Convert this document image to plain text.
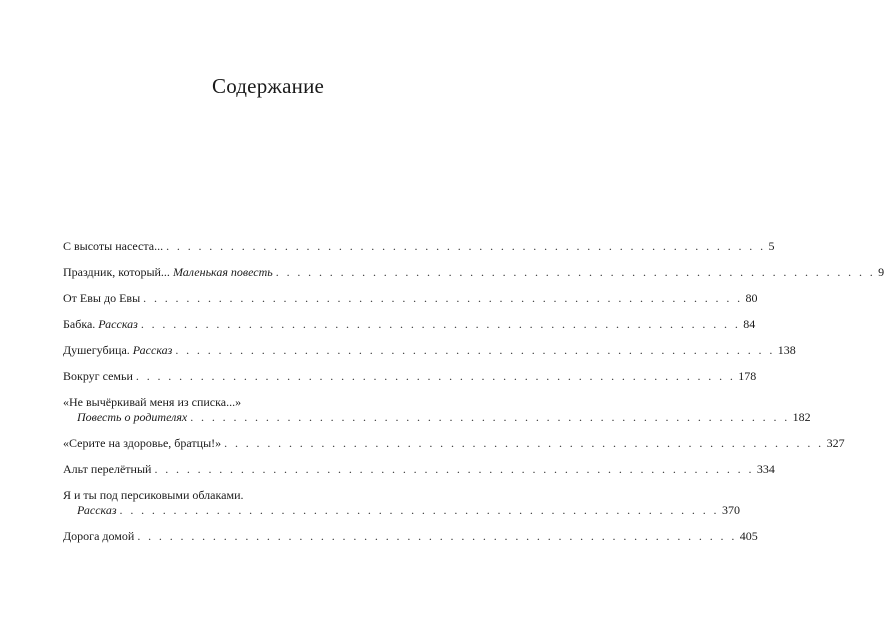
Содержание
С высоты насеста... . . . . . . . . . . . . . . . . . . . . . . . . . . . . . . . . . . . . . . . . . . . . . . . . . . . . . . . . 5
Праздник, который... Маленькая повесть . . . . . . . . . . . . . . . . . . . . . . . . . . . . . . . . . . . . . . . . . . . . . . . . . . . . . . . . 9
От Евы до Евы . . . . . . . . . . . . . . . . . . . . . . . . . . . . . . . . . . . . . . . . . . . . . . . . . . . . . . . . 80
Бабка. Рассказ . . . . . . . . . . . . . . . . . . . . . . . . . . . . . . . . . . . . . . . . . . . . . . . . . . . . . . . . 84
Душегубица. Рассказ . . . . . . . . . . . . . . . . . . . . . . . . . . . . . . . . . . . . . . . . . . . . . . . . . . . . . . . . 138
Вокруг семьи . . . . . . . . . . . . . . . . . . . . . . . . . . . . . . . . . . . . . . . . . . . . . . . . . . . . . . . . 178
«Не вычёркивай меня из списка...»
Повесть о родителях . . . . . . . . . . . . . . . . . . . . . . . . . . . . . . . . . . . . . . . . . . . . . . . . . . . . . . . . 182
«Серите на здоровье, братцы!» . . . . . . . . . . . . . . . . . . . . . . . . . . . . . . . . . . . . . . . . . . . . . . . . . . . . . . . . 327
Альт перелётный . . . . . . . . . . . . . . . . . . . . . . . . . . . . . . . . . . . . . . . . . . . . . . . . . . . . . . . . 334
Я и ты под персиковыми облаками.
Рассказ . . . . . . . . . . . . . . . . . . . . . . . . . . . . . . . . . . . . . . . . . . . . . . . . . . . . . . . . 370
Дорога домой . . . . . . . . . . . . . . . . . . . . . . . . . . . . . . . . . . . . . . . . . . . . . . . . . . . . . . . . 405
